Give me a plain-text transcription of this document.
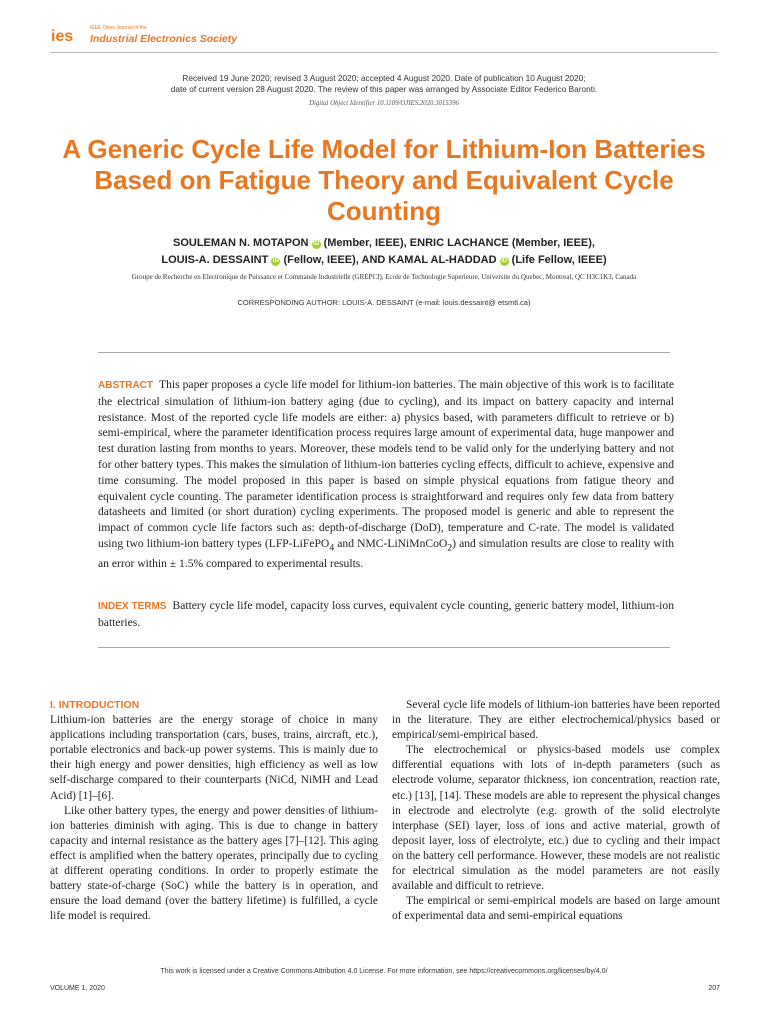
ies	IEEE Open Journal of the
Industrial Electronics Society
Received 19 June 2020; revised 3 August 2020; accepted 4 August 2020. Date of publication 10 August 2020;
date of current version 28 August 2020. The review of this paper was arranged by Associate Editor Federico Baronti.
Digital Object Identifier 10.1109/OJIES.2020.3015396
A Generic Cycle Life Model for Lithium-Ion Batteries Based on Fatigue Theory and Equivalent Cycle Counting
SOULEMAN N. MOTAPON iD (Member, IEEE), ENRIC LACHANCE (Member, IEEE),
LOUIS-A. DESSAINT iD (Fellow, IEEE), AND KAMAL AL-HADDAD iD (Life Fellow, IEEE)
Groupe de Recherche en Electronique de Puissance et Commande Industrielle (GREPCI), Ecole de Technologie Superieure, Universite du Quebec, Montreal, QC H3C1K3, Canada
CORRESPONDING AUTHOR: LOUIS-A. DESSAINT (e-mail: louis.dessaint@ etsmtl.ca)
ABSTRACT This paper proposes a cycle life model for lithium-ion batteries. The main objective of this work is to facilitate the electrical simulation of lithium-ion battery aging (due to cycling), and its impact on battery capacity and internal resistance. Most of the reported cycle life models are either: a) physics based, with parameters difficult to retrieve or b) semi-empirical, where the parameter identification process requires large amount of experimental data, huge manpower and test duration lasting from months to years. Moreover, these models tend to be valid only for the underlying battery and not for other battery types. This makes the simulation of lithium-ion batteries cycling effects, difficult to achieve, expensive and time consuming. The model proposed in this paper is based on simple physical equations from fatigue theory and equivalent cycle counting. The parameter identification process is straightforward and requires only few data from battery datasheets and limited (or short duration) cycling experiments. The proposed model is generic and able to represent the impact of common cycle life factors such as: depth-of-discharge (DoD), temperature and C-rate. The model is validated using two lithium-ion battery types (LFP-LiFePO$_4$ and NMC-LiNiMnCoO$_2$) and simulation results are close to reality with an error within ± 1.5% compared to experimental results.
INDEX TERMS Battery cycle life model, capacity loss curves, equivalent cycle counting, generic battery model, lithium-ion batteries.
I. INTRODUCTION

Lithium-ion batteries are the energy storage of choice in many applications including transportation (cars, buses, trains, aircraft, etc.), portable electronics and back-up power systems. This is mainly due to their high energy and power densities, high efficiency as well as low self-discharge compared to their counterparts (NiCd, NiMH and Lead Acid) [1]–[6].

Like other battery types, the energy and power densities of lithium-ion batteries diminish with aging. This is due to change in battery capacity and internal resistance as the battery ages [7]–[12]. This aging effect is amplified when the battery operates, principally due to cycling at different operating conditions. In order to properly estimate the battery state-of-charge (SoC) while the battery is in operation, and ensure the load demand (over the battery lifetime) is fulfilled, a cycle life model is required.

Several cycle life models of lithium-ion batteries have been reported in the literature. They are either electrochemical/physics based or empirical/semi-empirical based.

The electrochemical or physics-based models use complex differential equations with lots of in-depth parameters (such as electrode volume, separator thickness, ion concentration, reaction rate, etc.) [13], [14]. These models are able to represent the physical changes in electrode and electrolyte (e.g. growth of the solid electrolyte interphase (SEI) layer, loss of ions and active material, growth of deposit layer, loss of electrolyte, etc.) due to cycling and their impact on the battery cell performance. However, these models are not realistic for electrical simulation as the model parameters are not easily available and difficult to retrieve.

The empirical or semi-empirical models are based on large amount of experimental data and semi-empirical equations

This work is licensed under a Creative Commons Attribution 4.0 License. For more information, see https://creativecommons.org/licenses/by/4.0/
VOLUME 1, 2020	207
